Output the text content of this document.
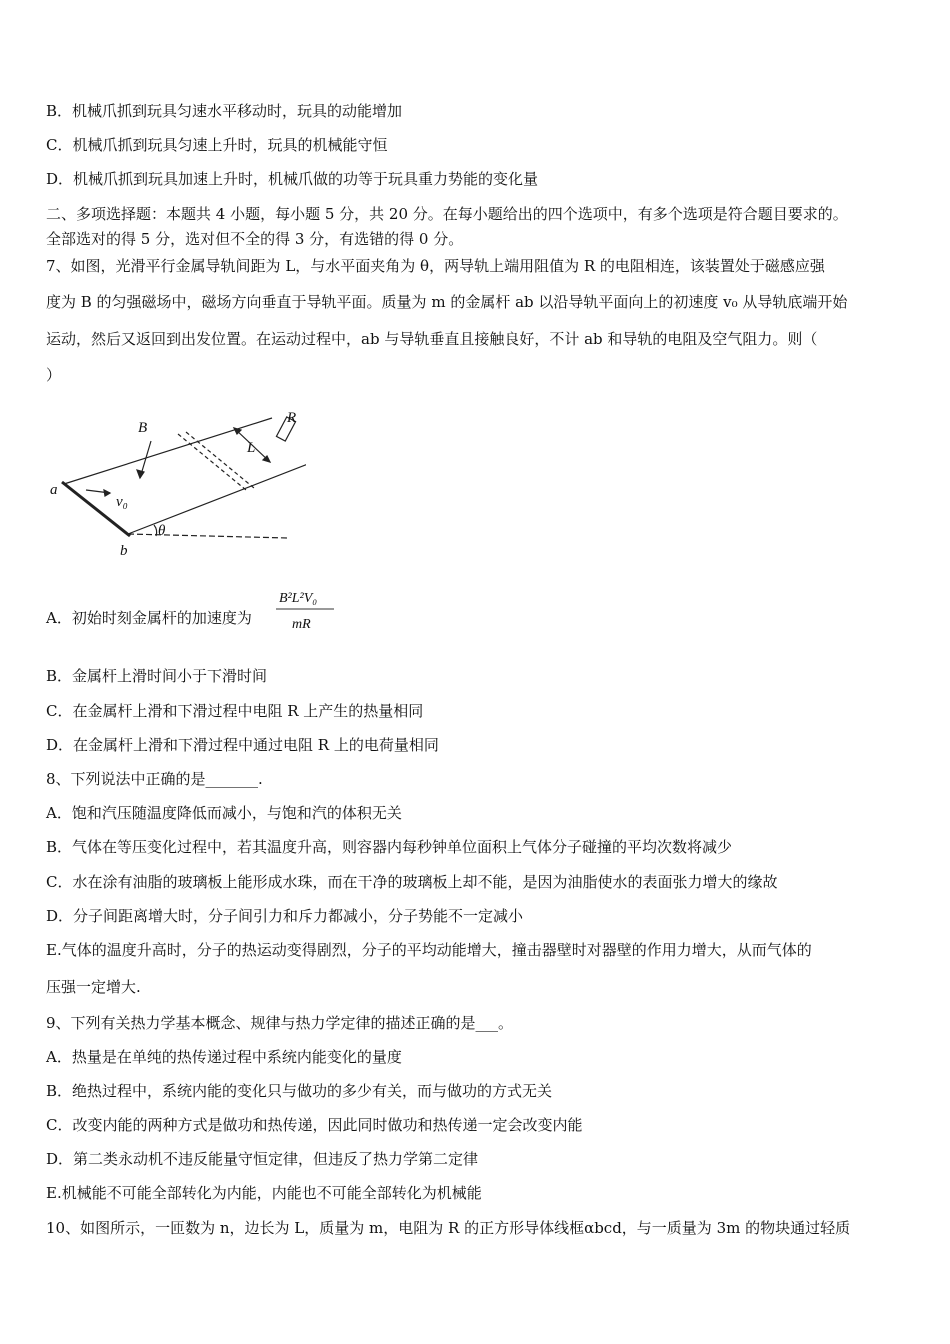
B．机械爪抓到玩具匀速水平移动时，玩具的动能增加
C．机械爪抓到玩具匀速上升时，玩具的机械能守恒
D．机械爪抓到玩具加速上升时，机械爪做的功等于玩具重力势能的变化量
二、多项选择题：本题共 4 小题，每小题 5 分，共 20 分。在每小题给出的四个选项中，有多个选项是符合题目要求的。
全部选对的得 5 分，选对但不全的得 3 分，有选错的得 0 分。
7、如图，光滑平行金属导轨间距为 L，与水平面夹角为 θ，两导轨上端用阻值为 R 的电阻相连，该装置处于磁感应强
度为 B 的匀强磁场中，磁场方向垂直于导轨平面。质量为 m 的金属杆 ab 以沿导轨平面向上的初速度 v₀ 从导轨底端开始
运动，然后又返回到出发位置。在运动过程中，ab 与导轨垂直且接触良好，不计 ab 和导轨的电阻及空气阻力。则（
）
B
R
L
a
b
v₀
θ
A．初始时刻金属杆的加速度为
B²L²V₀
mR
B．金属杆上滑时间小于下滑时间
C．在金属杆上滑和下滑过程中电阻 R 上产生的热量相同
D．在金属杆上滑和下滑过程中通过电阻 R 上的电荷量相同
8、下列说法中正确的是_______.
A．饱和汽压随温度降低而减小，与饱和汽的体积无关
B．气体在等压变化过程中，若其温度升高，则容器内每秒钟单位面积上气体分子碰撞的平均次数将减少
C．水在涂有油脂的玻璃板上能形成水珠，而在干净的玻璃板上却不能，是因为油脂使水的表面张力增大的缘故
D．分子间距离增大时，分子间引力和斥力都减小，分子势能不一定减小
E.气体的温度升高时，分子的热运动变得剧烈，分子的平均动能增大，撞击器壁时对器壁的作用力增大，从而气体的
压强一定增大.
9、下列有关热力学基本概念、规律与热力学定律的描述正确的是___。
A．热量是在单纯的热传递过程中系统内能变化的量度
B．绝热过程中，系统内能的变化只与做功的多少有关，而与做功的方式无关
C．改变内能的两种方式是做功和热传递，因此同时做功和热传递一定会改变内能
D．第二类永动机不违反能量守恒定律，但违反了热力学第二定律
E.机械能不可能全部转化为内能，内能也不可能全部转化为机械能
10、如图所示，一匝数为 n，边长为 L，质量为 m，电阻为 R 的正方形导体线框αbcd，与一质量为 3m 的物块通过轻质
